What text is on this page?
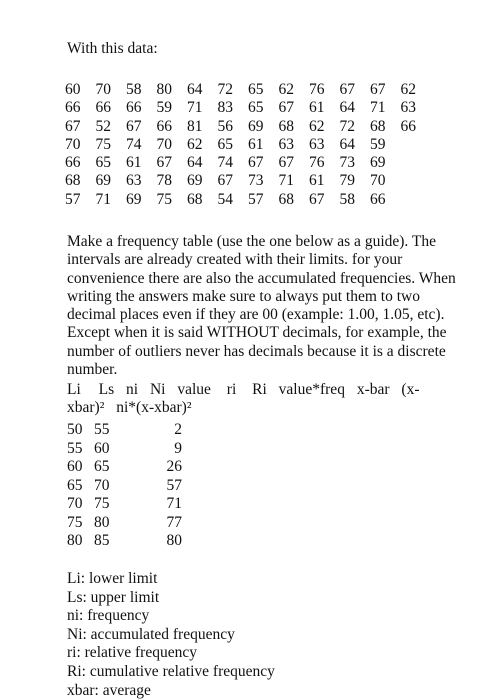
With this data:

60	70	58	80	64	72	65	62	76	67	67	62
66	66	66	59	71	83	65	67	61	64	71	63
67	52	67	66	81	56	69	68	62	72	68	66
70	75	74	70	62	65	61	63	63	64	59	
66	65	61	67	64	74	67	67	76	73	69	
68	69	63	78	69	67	73	71	61	79	70	
57	71	69	75	68	54	57	68	67	58	66	

Make a frequency table (use the one below as a guide). The
intervals are already created with their limits. for your
convenience there are also the accumulated frequencies. When
writing the answers make sure to always put them to two
decimal places even if they are 00 (example: 1.00, 1.05, etc).
Except when it is said WITHOUT decimals, for example, the
number of outliers never has decimals because it is a discrete
number.

Li Ls ni Ni value ri Ri value*freq x-bar (x-
xbar)² ni*(x-xbar)²

50	55	2
55	60	9
60	65	26
65	70	57
70	75	71
75	80	77
80	85	80
Li: lower limit
Ls: upper limit
ni: frequency
Ni: accumulated frequency
ri: relative frequency
Ri: cumulative relative frequency
xbar: average
